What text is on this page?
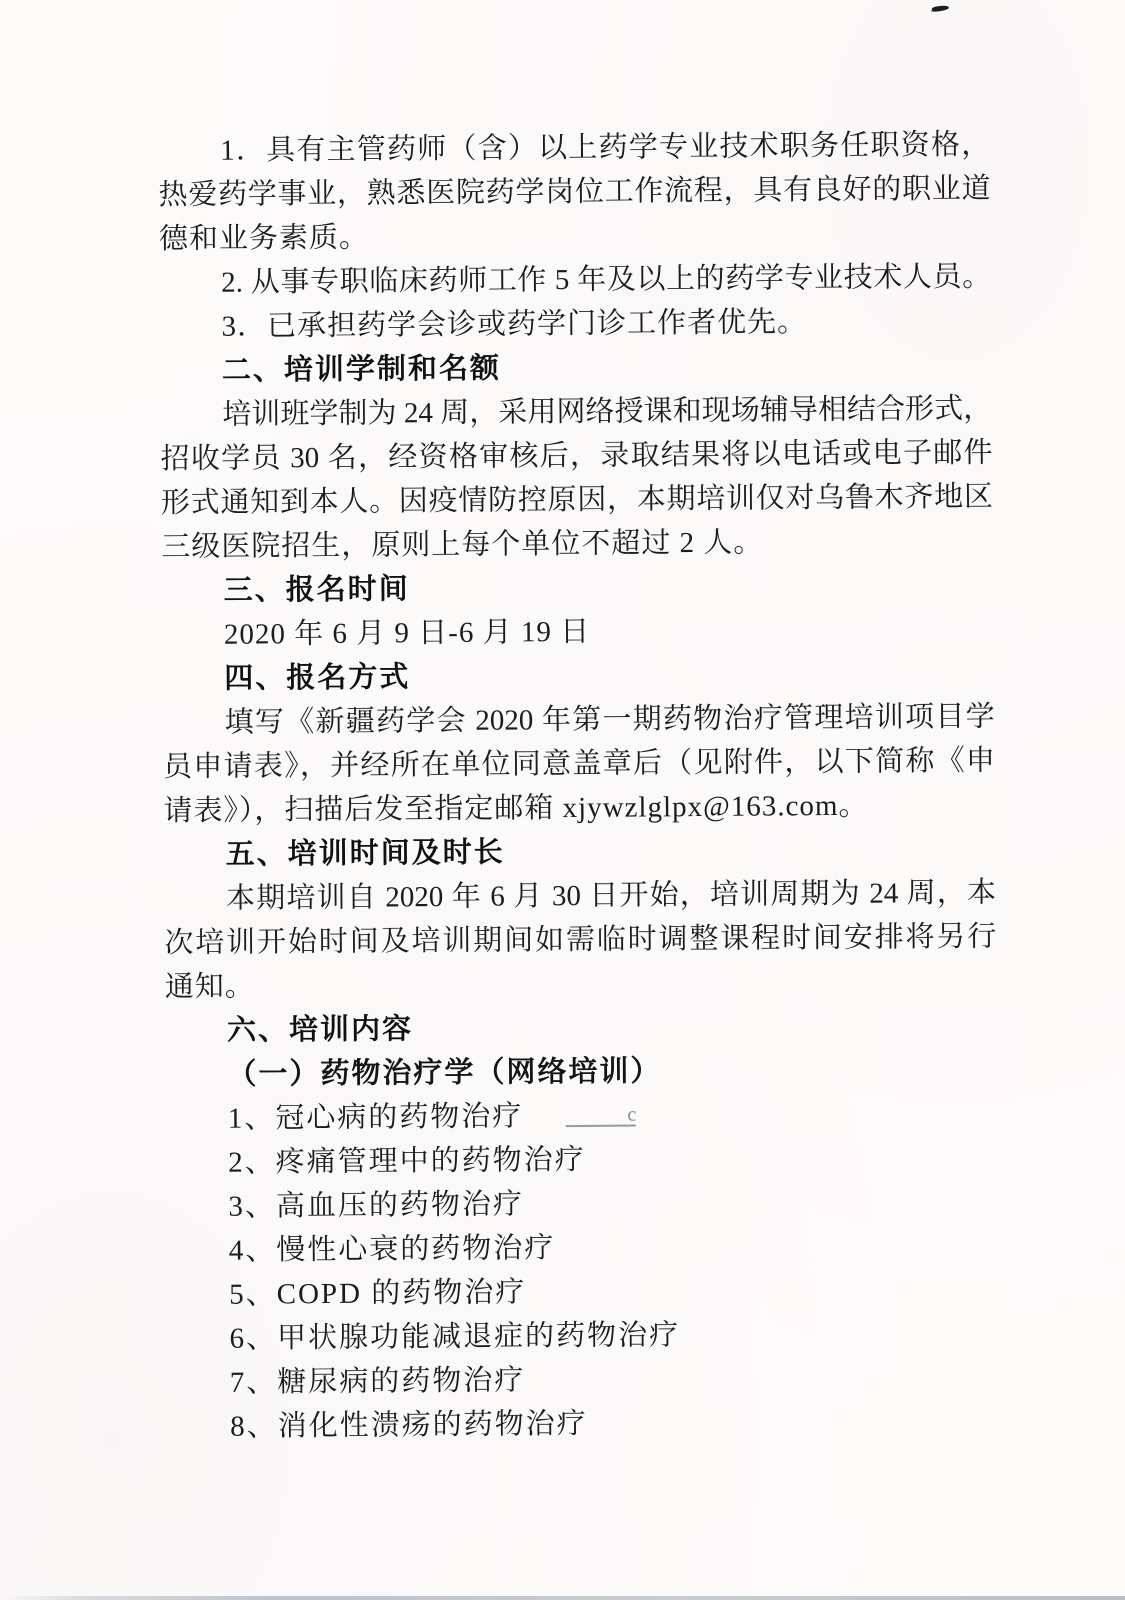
1．具有主管药师（含）以上药学专业技术职务任职资格，
热爱药学事业，熟悉医院药学岗位工作流程，具有良好的职业道
德和业务素质。
2. 从事专职临床药师工作 5 年及以上的药学专业技术人员。
3．已承担药学会诊或药学门诊工作者优先。
二、培训学制和名额
培训班学制为 24 周，采用网络授课和现场辅导相结合形式，
招收学员 30 名，经资格审核后，录取结果将以电话或电子邮件
形式通知到本人。因疫情防控原因，本期培训仅对乌鲁木齐地区
三级医院招生，原则上每个单位不超过 2 人。
三、报名时间
2020 年 6 月 9 日-6 月 19 日
四、报名方式
填写《新疆药学会 2020 年第一期药物治疗管理培训项目学
员申请表》，并经所在单位同意盖章后（见附件，以下简称《申
请表》），扫描后发至指定邮箱 xjywzlglpx@163.com。
五、培训时间及时长
本期培训自 2020 年 6 月 30 日开始，培训周期为 24 周，本
次培训开始时间及培训期间如需临时调整课程时间安排将另行
通知。
六、培训内容
（一）药物治疗学（网络培训）
1、冠心病的药物治疗	c
2、疼痛管理中的药物治疗
3、高血压的药物治疗
4、慢性心衰的药物治疗
5、COPD 的药物治疗
6、甲状腺功能减退症的药物治疗
7、糖尿病的药物治疗
8、消化性溃疡的药物治疗
